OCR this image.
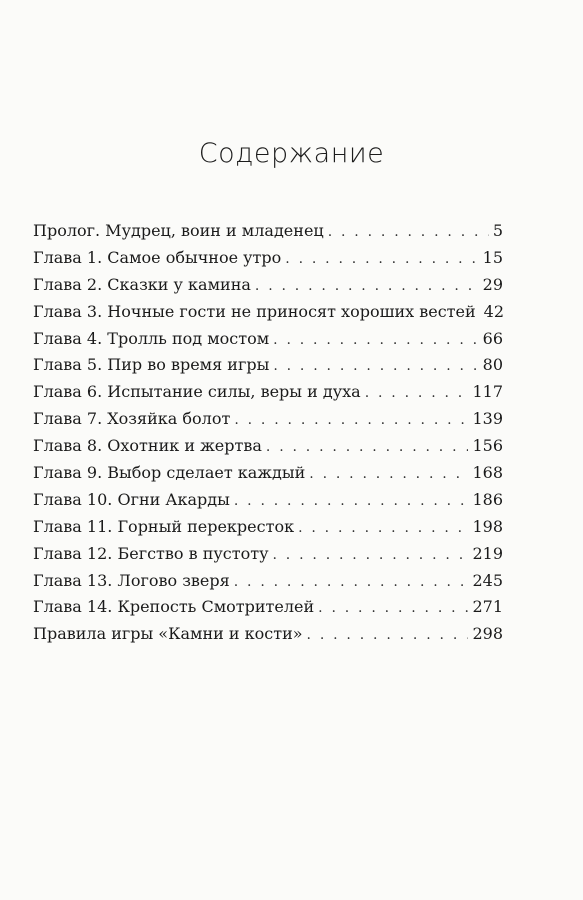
Содержание
Пролог. Мудрец, воин и младенец . . .	5
Глава 1. Самое обычное утро . . .	15
Глава 2. Сказки у камина . . .	29
Глава 3. Ночные гости не приносят хороших вестей 42
Глава 4. Тролль под мостом . . .	66
Глава 5. Пир во время игры . . .	80
Глава 6. Испытание силы, веры и духа . . .	117
Глава 7. Хозяйка болот . . .	139
Глава 8. Охотник и жертва . . .	156
Глава 9. Выбор сделает каждый . . .	168
Глава 10. Огни Акарды . . .	186
Глава 11. Горный перекресток . . .	198
Глава 12. Бегство в пустоту . . .	219
Глава 13. Логово зверя . . .	245
Глава 14. Крепость Смотрителей . . .	271
Правила игры «Камни и кости» . . .	298
